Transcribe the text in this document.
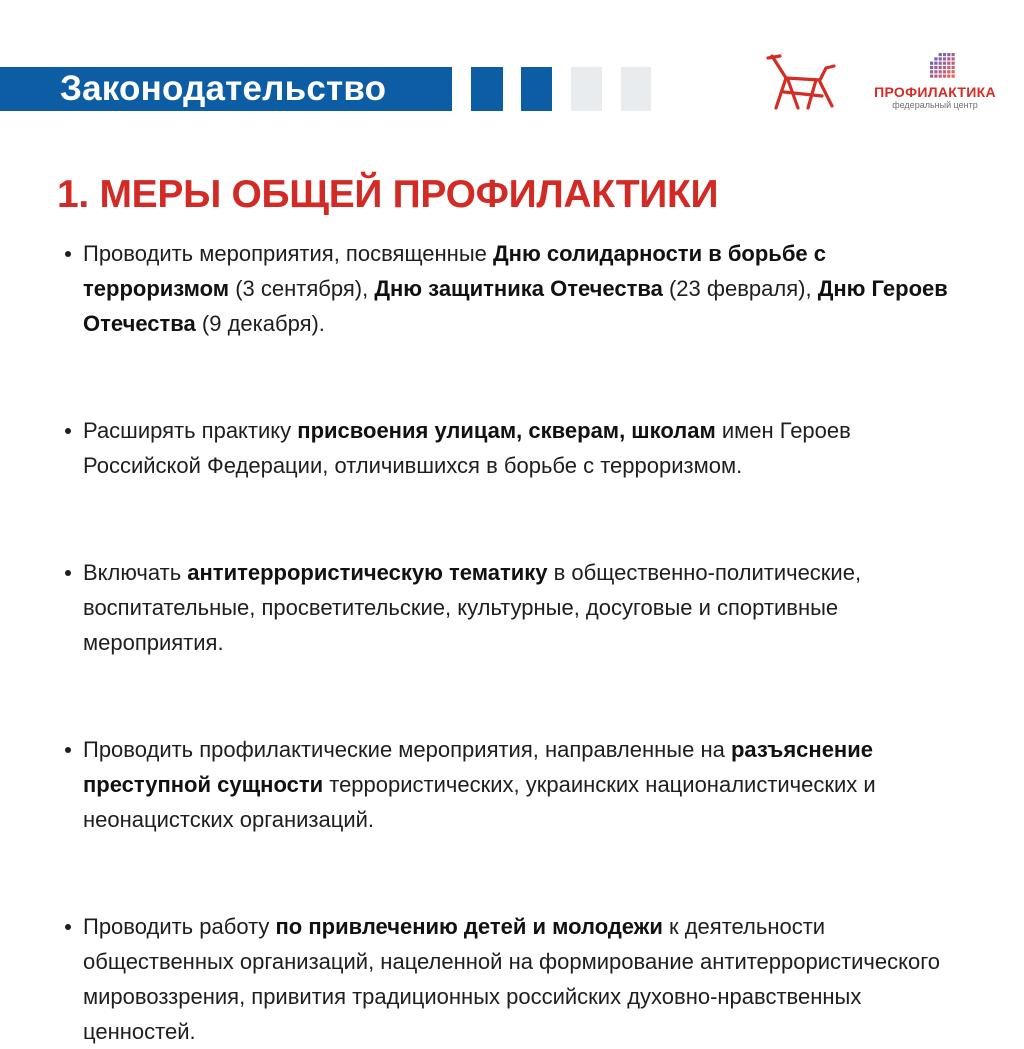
Законодательство	ПРОФИЛАКТИКА
федеральный центр
1. МЕРЫ ОБЩЕЙ ПРОФИЛАКТИКИ
Проводить мероприятия, посвященные Дню солидарности в борьбе с терроризмом (3 сентября), Дню защитника Отечества (23 февраля), Дню Героев Отечества (9 декабря).
Расширять практику присвоения улицам, скверам, школам имен Героев Российской Федерации, отличившихся в борьбе с терроризмом.
Включать антитеррористическую тематику в общественно-политические, воспитательные, просветительские, культурные, досуговые и спортивные мероприятия.
Проводить профилактические мероприятия, направленные на разъяснение преступной сущности террористических, украинских националистических и неонацистских организаций.
Проводить работу по привлечению детей и молодежи к деятельности общественных организаций, нацеленной на формирование антитеррористического мировоззрения, привития традиционных российских духовно-нравственных ценностей.
